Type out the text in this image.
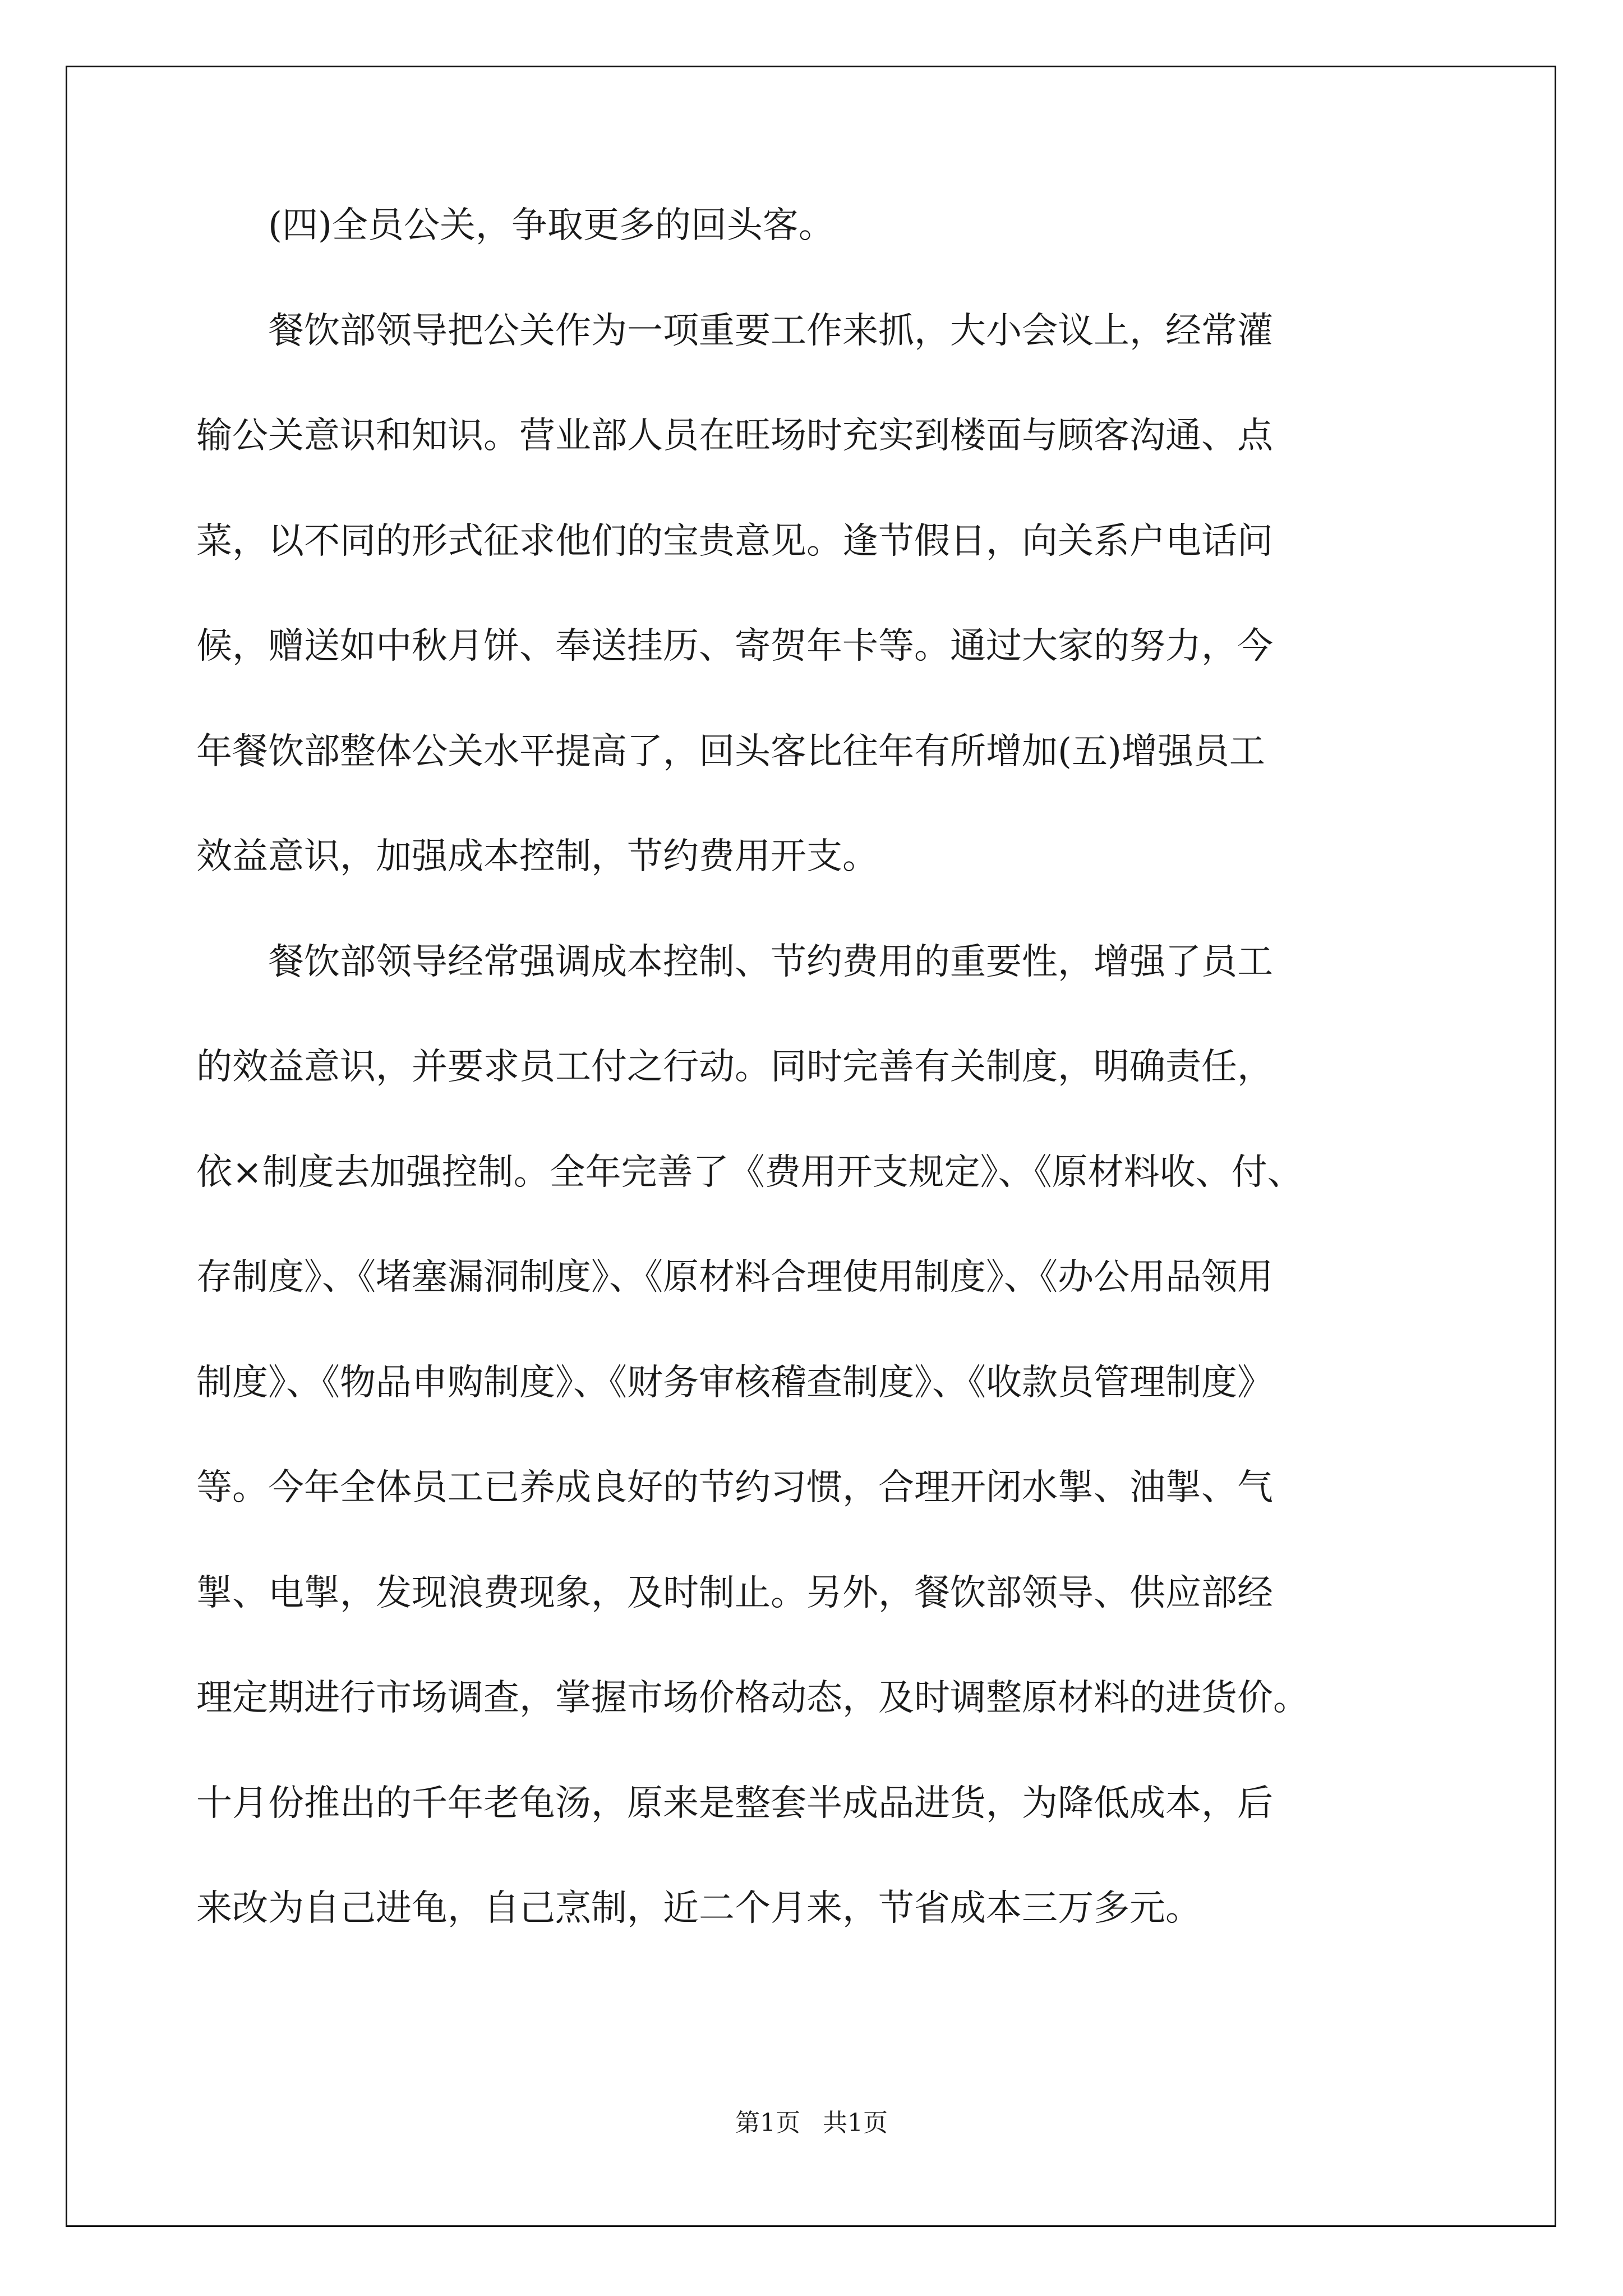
(四)全员公关，争取更多的回头客。
餐饮部领导把公关作为一项重要工作来抓，大小会议上，经常灌
输公关意识和知识。营业部人员在旺场时充实到楼面与顾客沟通、点
菜，以不同的形式征求他们的宝贵意见。逢节假日，向关系户电话问
候，赠送如中秋月饼、奉送挂历、寄贺年卡等。通过大家的努力，今
年餐饮部整体公关水平提高了，回头客比往年有所增加(五)增强员工
效益意识，加强成本控制，节约费用开支。
餐饮部领导经常强调成本控制、节约费用的重要性，增强了员工
的效益意识，并要求员工付之行动。同时完善有关制度，明确责任，
依×制度去加强控制。全年完善了《费用开支规定》、《原材料收、付、
存制度》、《堵塞漏洞制度》、《原材料合理使用制度》、《办公用品领用
制度》、《物品申购制度》、《财务审核稽查制度》、《收款员管理制度》
等。今年全体员工已养成良好的节约习惯，合理开闭水掣、油掣、气
掣、电掣，发现浪费现象，及时制止。另外，餐饮部领导、供应部经
理定期进行市场调查，掌握市场价格动态，及时调整原材料的进货价。
十月份推出的千年老龟汤，原来是整套半成品进货，为降低成本，后
来改为自己进龟，自己烹制，近二个月来，节省成本三万多元。
第1页 共1页
